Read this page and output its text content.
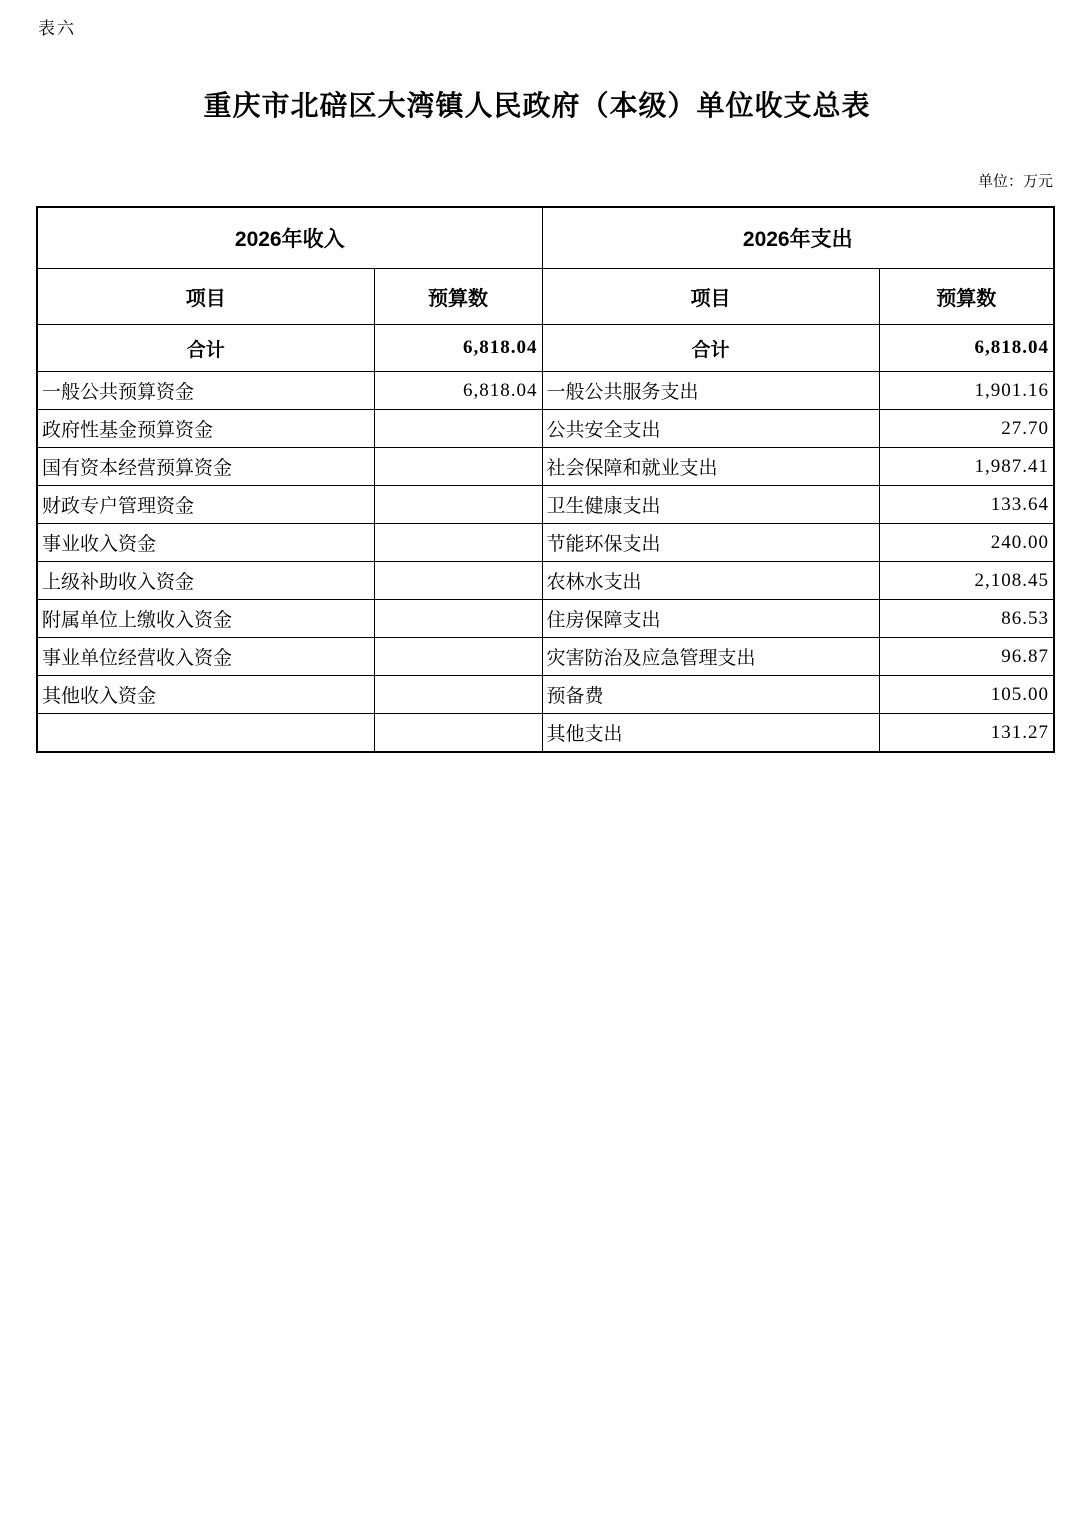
表六
重庆市北碚区大湾镇人民政府（本级）单位收支总表
单位：万元
2026年收入		2026年支出	
项目	预算数	项目	预算数
合计	6,818.04	合计	6,818.04
一般公共预算资金	6,818.04	一般公共服务支出	1,901.16
政府性基金预算资金		公共安全支出	27.70
国有资本经营预算资金		社会保障和就业支出	1,987.41
财政专户管理资金		卫生健康支出	133.64
事业收入资金		节能环保支出	240.00
上级补助收入资金		农林水支出	2,108.45
附属单位上缴收入资金		住房保障支出	86.53
事业单位经营收入资金		灾害防治及应急管理支出	96.87
其他收入资金		预备费	105.00
		其他支出	131.27
